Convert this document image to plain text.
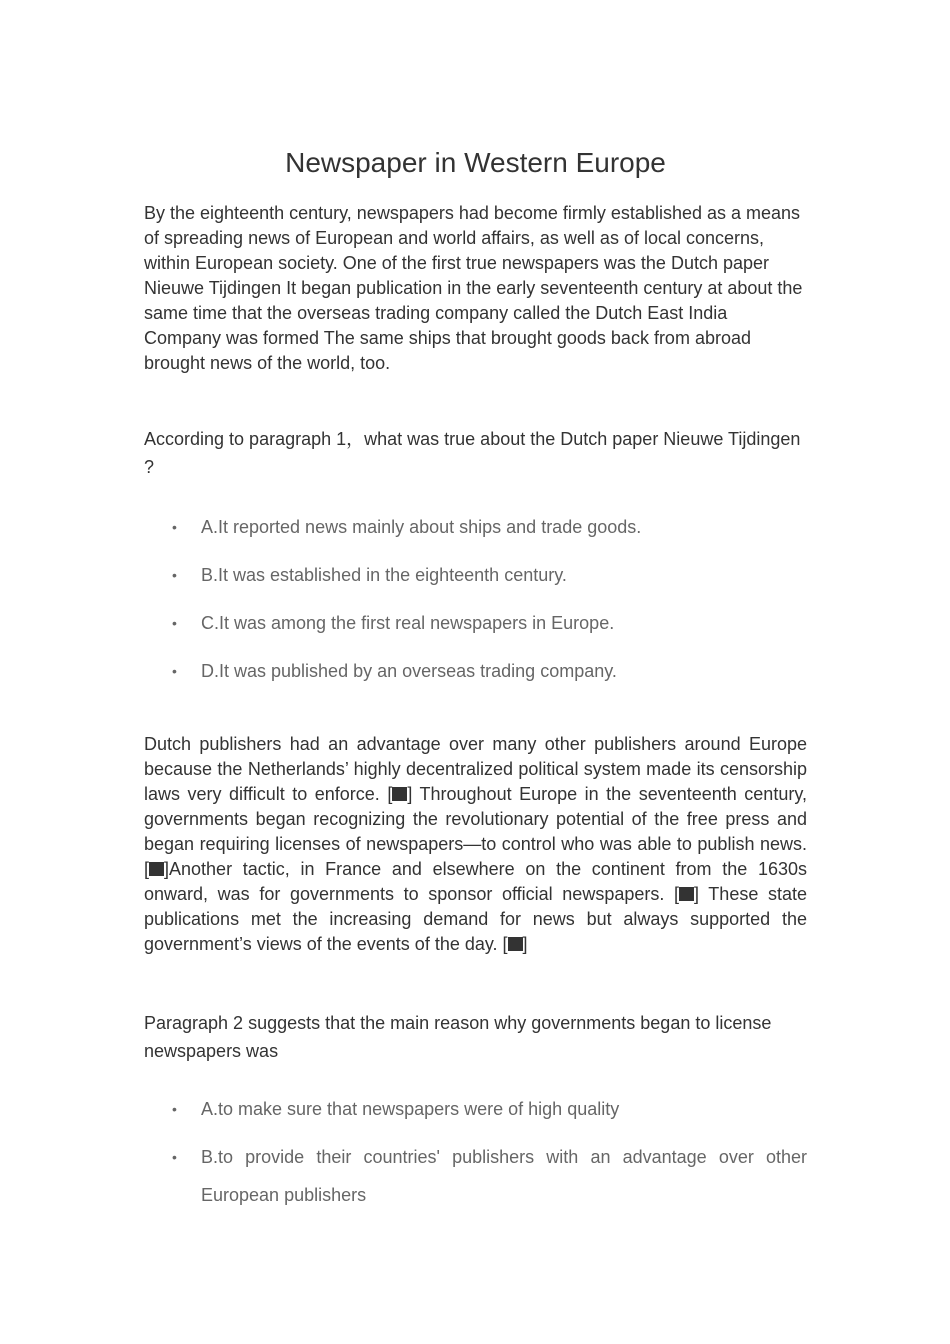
Newspaper in Western Europe

By the eighteenth century, newspapers had become firmly established as a means of spreading news of European and world affairs, as well as of local concerns, within European society. One of the first true newspapers was the Dutch paper Nieuwe Tijdingen It began publication in the early seventeenth century at about the same time that the overseas trading company called the Dutch East India Company was formed The same ships that brought goods back from abroad brought news of the world, too.

According to paragraph 1，what was true about the Dutch paper Nieuwe Tijdingen ?

• A.It reported news mainly about ships and trade goods.
• B.It was established in the eighteenth century.
• C.It was among the first real newspapers in Europe.
• D.It was published by an overseas trading company.

Dutch publishers had an advantage over many other publishers around Europe because the Netherlands’ highly decentralized political system made its censorship laws very difficult to enforce. [ ] Throughout Europe in the seventeenth century, governments began recognizing the revolutionary potential of the free press and began requiring licenses of newspapers—to control who was able to publish news. [ ]Another tactic, in France and elsewhere on the continent from the 1630s onward, was for governments to sponsor official newspapers. [ ] These state publications met the increasing demand for news but always supported the government’s views of the events of the day. [ ]

Paragraph 2 suggests that the main reason why governments began to license newspapers was

• A.to make sure that newspapers were of high quality
• B.to provide their countries' publishers with an advantage over other European publishers
